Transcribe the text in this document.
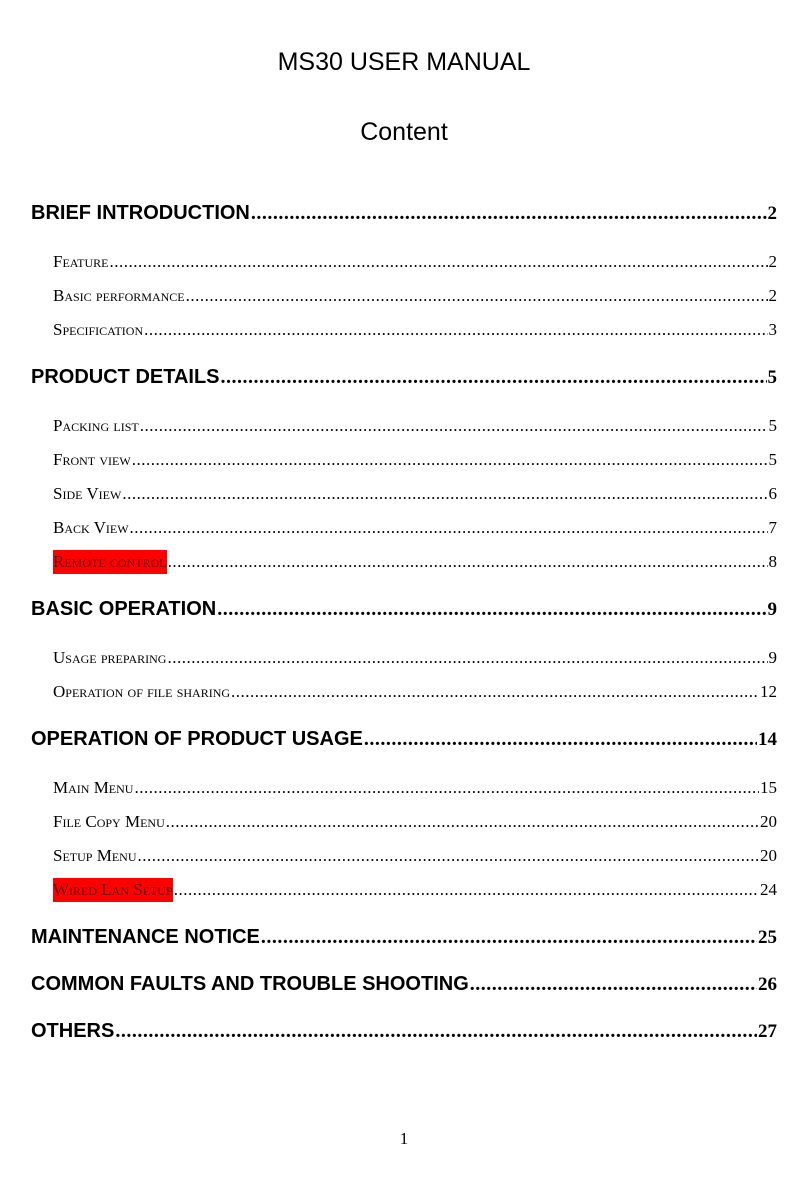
MS30 USER MANUAL
Content
BRIEF INTRODUCTION .....	2
Feature .....	2
Basic performance .....	2
Specification .....	3
PRODUCT DETAILS .....	5
Packing list .....	5
Front view .....	5
Side View .....	6
Back View .....	7
Remote control .....	8
BASIC OPERATION .....	9
Usage preparing .....	9
Operation of file sharing .....	12
OPERATION OF PRODUCT USAGE .....	14
Main Menu .....	15
File Copy Menu .....	20
Setup Menu .....	20
Wired Lan Setup .....	24
MAINTENANCE NOTICE .....	25
COMMON FAULTS AND TROUBLE SHOOTING .....	26
OTHERS .....	27
1
